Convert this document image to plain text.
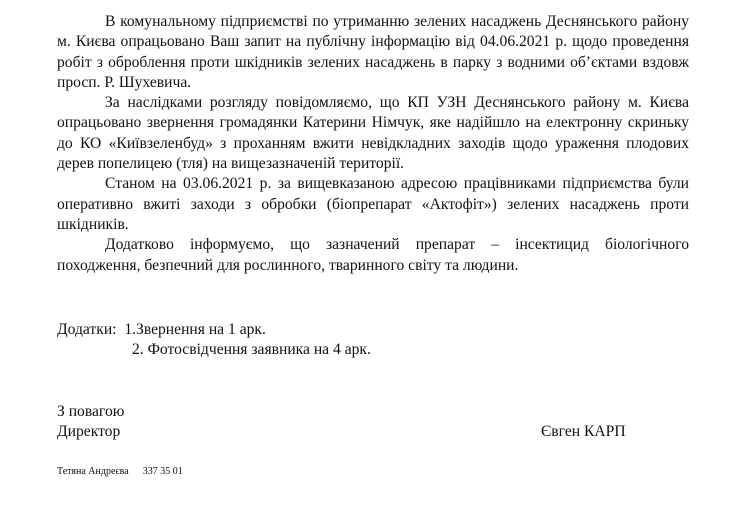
В комунальному підприємстві по утриманню зелених насаджень Деснянського району м. Києва опрацьовано Ваш запит на публічну інформацію від 04.06.2021 р. щодо проведення робіт з оброблення проти шкідників зелених насаджень в парку з водними об’єктами вздовж просп. Р. Шухевича.

За наслідками розгляду повідомляємо, що КП УЗН Деснянського району м. Києва опрацьовано звернення громадянки Катерини Німчук, яке надійшло на електронну скриньку до КО «Київзеленбуд» з проханням вжити невідкладних заходів щодо ураження плодових дерев попелицею (тля) на вищезазначеній території.

Станом на 03.06.2021 р. за вищевказаною адресою працівниками підприємства були оперативно вжиті заходи з обробки (біопрепарат «Актофіт») зелених насаджень проти шкідників.

Додатково інформуємо, що зазначений препарат – інсектицид біологічного походження, безпечний для рослинного, тваринного світу та людини.

Додатки: 1.Звернення на 1 арк.
2. Фотосвідчення заявника на 4 арк.
З повагою
Директор	Євген КАРП
Тетяна Андреєва 337 35 01
